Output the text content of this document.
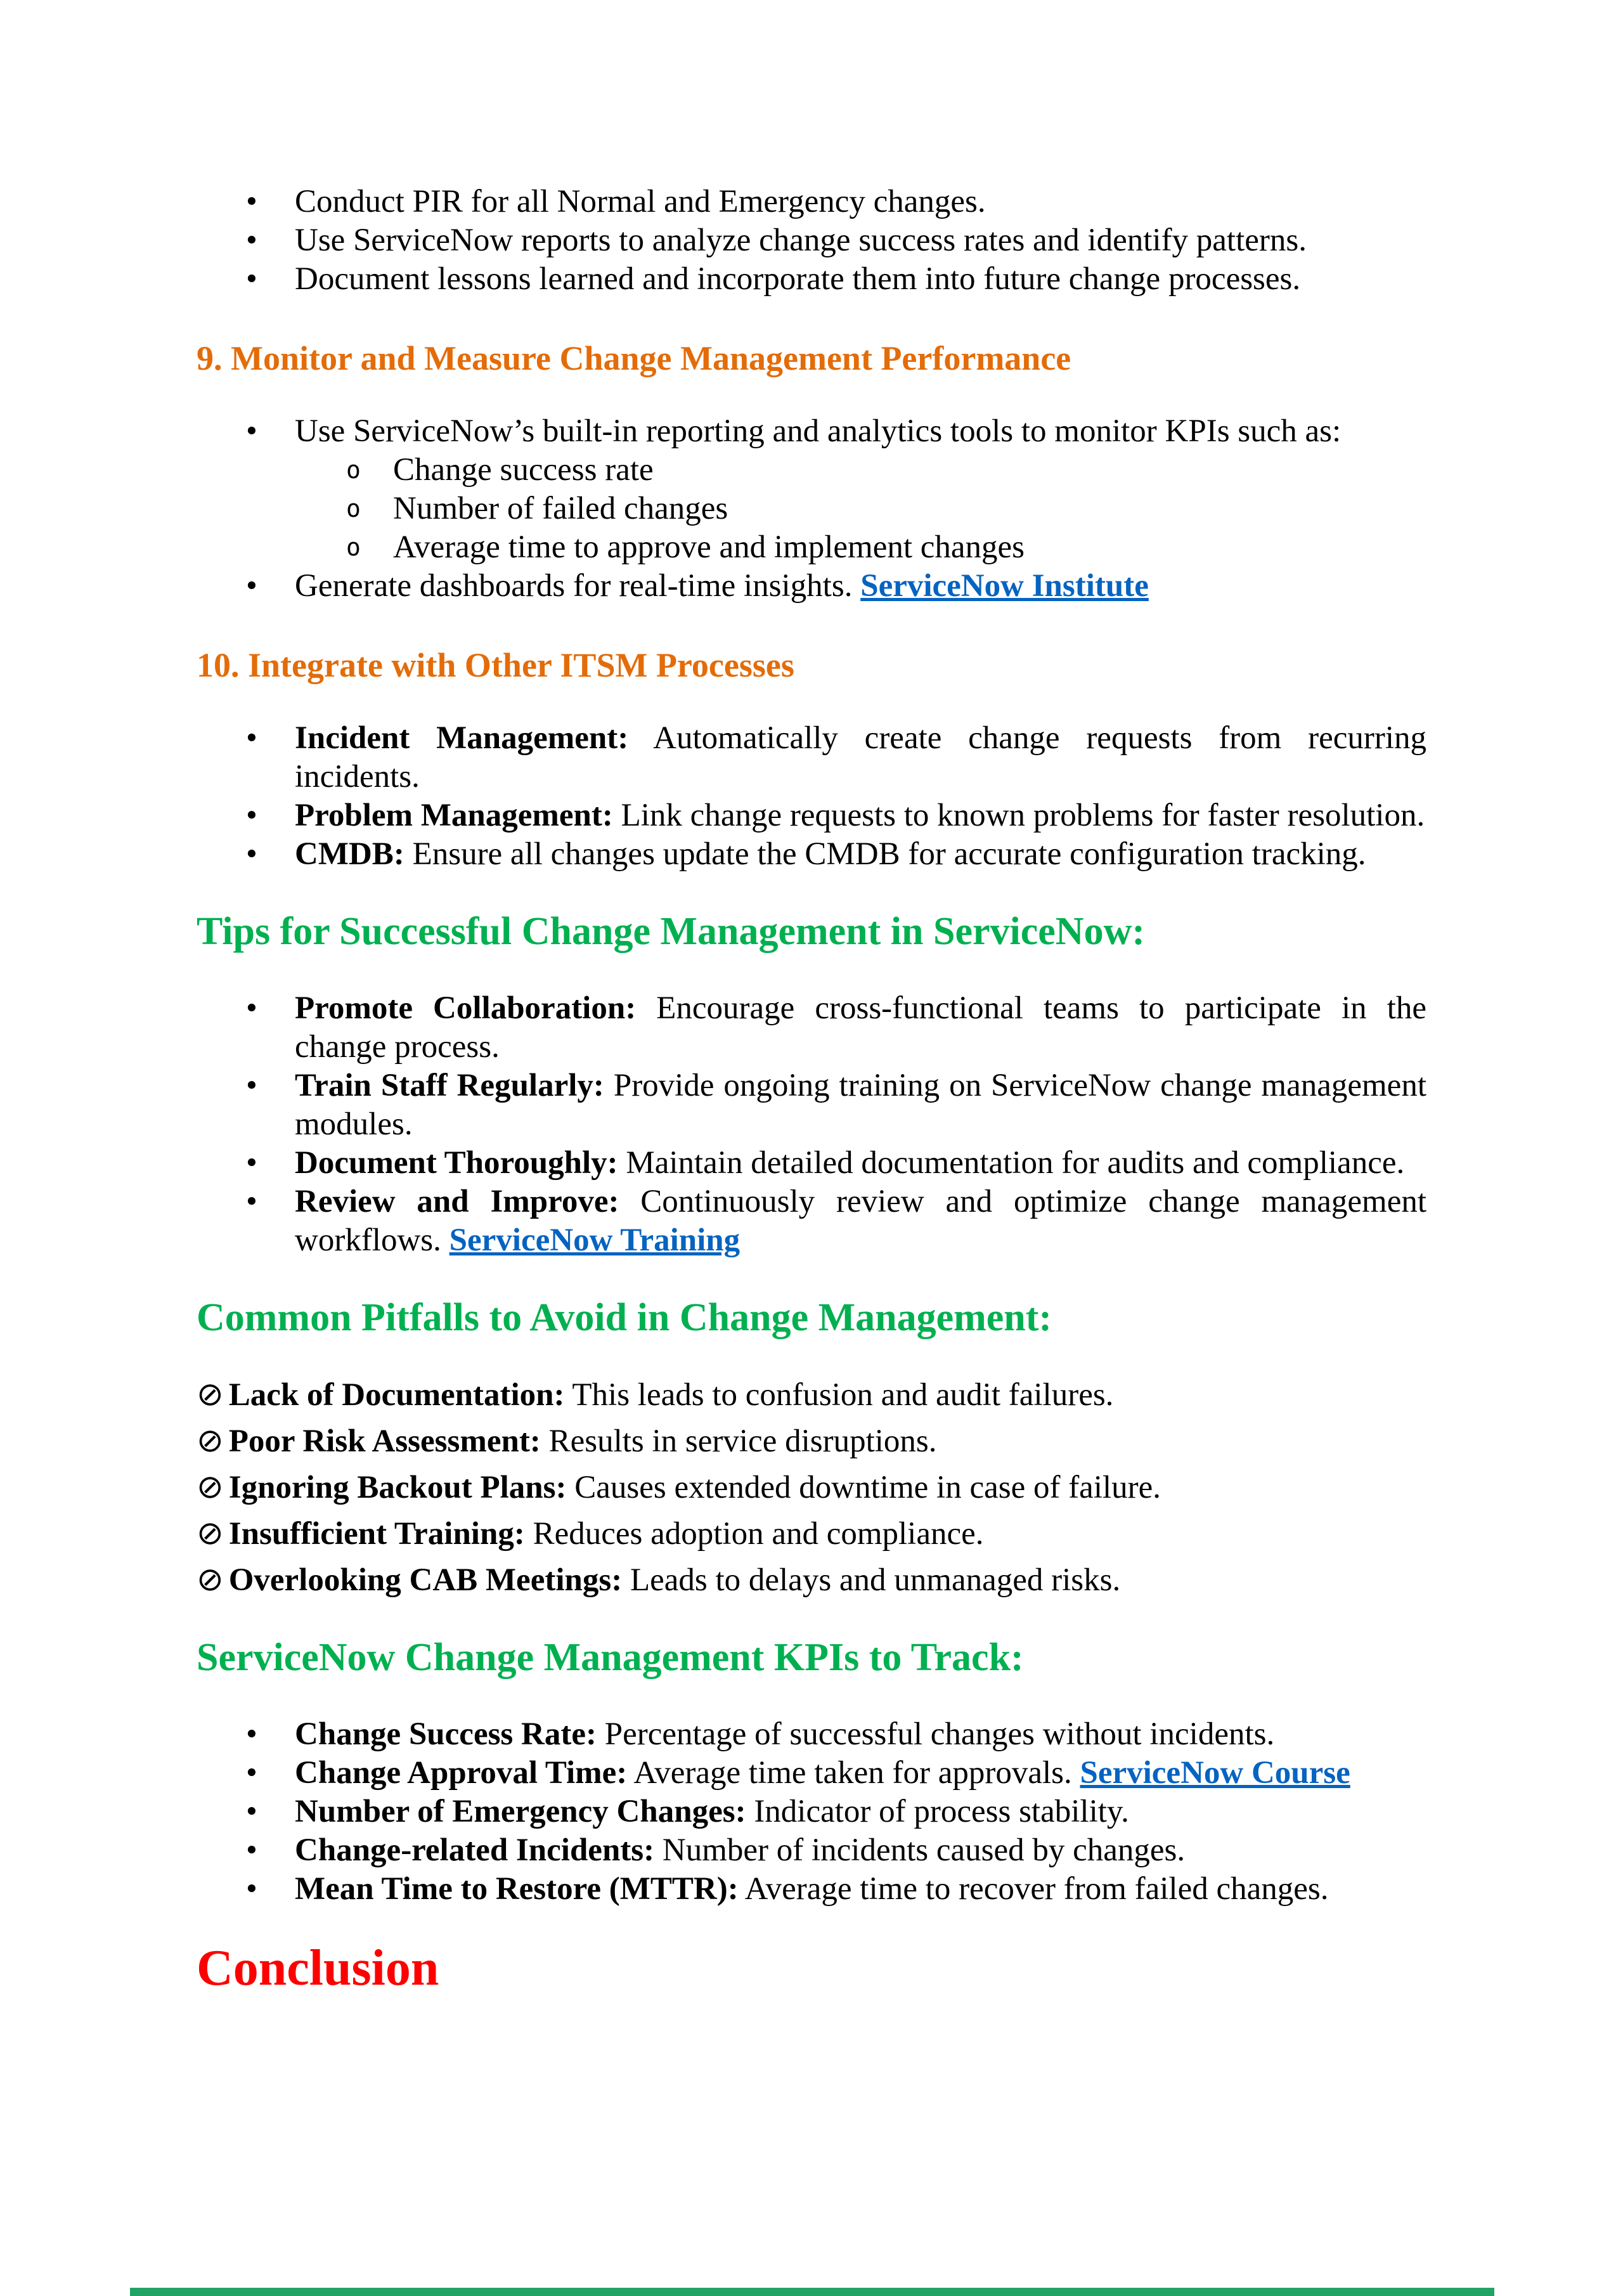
• Conduct PIR for all Normal and Emergency changes.
• Use ServiceNow reports to analyze change success rates and identify patterns.
• Document lessons learned and incorporate them into future change processes.
9. Monitor and Measure Change Management Performance
• Use ServiceNow’s built-in reporting and analytics tools to monitor KPIs such as:
o Change success rate
o Number of failed changes
o Average time to approve and implement changes
• Generate dashboards for real-time insights. ServiceNow Institute
10. Integrate with Other ITSM Processes
• Incident Management: Automatically create change requests from recurring incidents.
• Problem Management: Link change requests to known problems for faster resolution.
• CMDB: Ensure all changes update the CMDB for accurate configuration tracking.
Tips for Successful Change Management in ServiceNow:
• Promote Collaboration: Encourage cross-functional teams to participate in the change process.
• Train Staff Regularly: Provide ongoing training on ServiceNow change management modules.
• Document Thoroughly: Maintain detailed documentation for audits and compliance.
• Review and Improve: Continuously review and optimize change management workflows. ServiceNow Training
Common Pitfalls to Avoid in Change Management:

⊘ Lack of Documentation: This leads to confusion and audit failures.

⊘ Poor Risk Assessment: Results in service disruptions.

⊘ Ignoring Backout Plans: Causes extended downtime in case of failure.

⊘ Insufficient Training: Reduces adoption and compliance.

⊘ Overlooking CAB Meetings: Leads to delays and unmanaged risks.

ServiceNow Change Management KPIs to Track:
• Change Success Rate: Percentage of successful changes without incidents.
• Change Approval Time: Average time taken for approvals. ServiceNow Course
• Number of Emergency Changes: Indicator of process stability.
• Change-related Incidents: Number of incidents caused by changes.
• Mean Time to Restore (MTTR): Average time to recover from failed changes.
Conclusion
